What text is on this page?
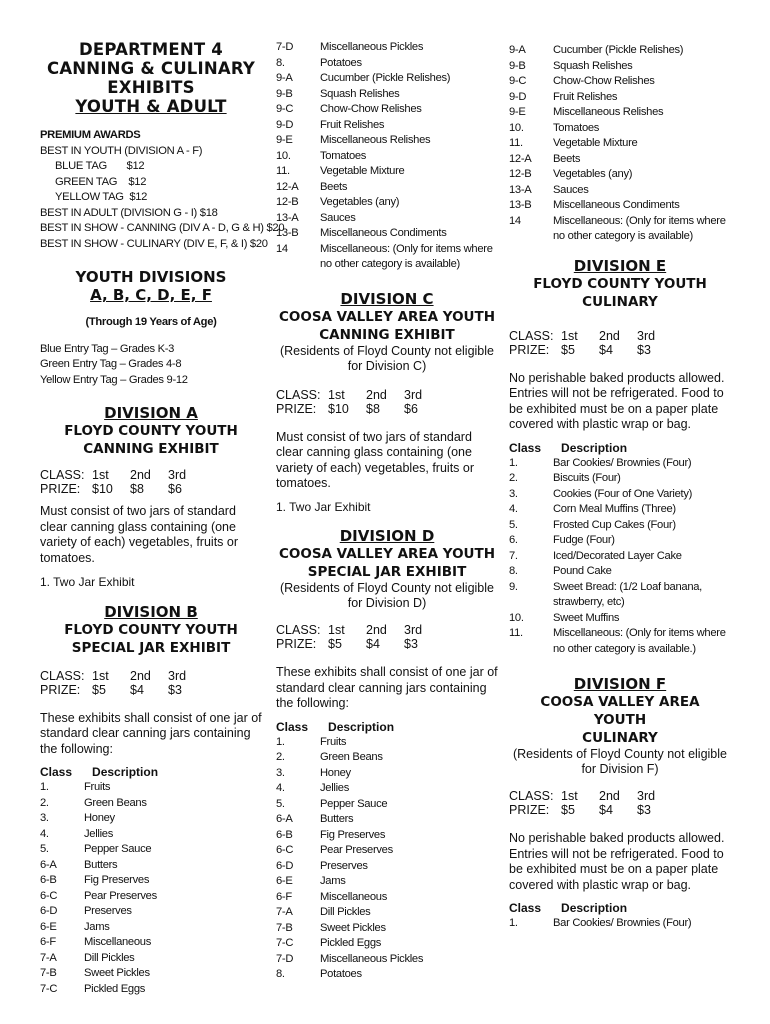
DEPARTMENT 4
CANNING & CULINARY
EXHIBITS
YOUTH & ADULT

PREMIUM AWARDS

BEST IN YOUTH (DIVISION A - F)

BLUE TAG       $12

GREEN TAG    $12

YELLOW TAG  $12

BEST IN ADULT (DIVISION G - I) $18

BEST IN SHOW - CANNING (DIV A - D, G & H) $20

BEST IN SHOW - CULINARY (DIV E, F, & I) $20

YOUTH DIVISIONS

A, B, C, D, E, F

(Through 19 Years of Age)

Blue Entry Tag – Grades K-3

Green Entry Tag – Grades 4-8

Yellow Entry Tag – Grades 9-12

DIVISION A

FLOYD COUNTY YOUTH

CANNING EXHIBIT

CLASS:	1st	2nd	3rd
PRIZE:	$10	$8	$6

Must consist of two jars of standard clear canning glass containing (one variety of each) vegetables, fruits or tomatoes.

1. Two Jar Exhibit

DIVISION B

FLOYD COUNTY YOUTH

SPECIAL JAR EXHIBIT

CLASS:	1st	2nd	3rd
PRIZE:	$5	$4	$3

These exhibits shall consist of one jar of standard clear canning jars containing the following:

Class Description

1.	Fruits
2.	Green Beans
3.	Honey
4.	Jellies
5.	Pepper Sauce
6-A	Butters
6-B	Fig Preserves
6-C	Pear Preserves
6-D	Preserves
6-E	Jams
6-F	Miscellaneous
7-A	Dill Pickles
7-B	Sweet Pickles
7-C	Pickled Eggs
7-D	Miscellaneous Pickles
8.	Potatoes
9-A	Cucumber (Pickle Relishes)
9-B	Squash Relishes
9-C	Chow-Chow Relishes
9-D	Fruit Relishes
9-E	Miscellaneous Relishes
10.	Tomatoes
11.	Vegetable Mixture
12-A	Beets
12-B	Vegetables (any)
13-A	Sauces
13-B	Miscellaneous Condiments
14	Miscellaneous: (Only for items where no other category is available)

DIVISION C

COOSA VALLEY AREA YOUTH

CANNING EXHIBIT

(Residents of Floyd County not eligible for Division C)

CLASS:	1st	2nd	3rd
PRIZE:	$10	$8	$6

Must consist of two jars of standard clear canning glass containing (one variety of each) vegetables, fruits or tomatoes.

1. Two Jar Exhibit

DIVISION D

COOSA VALLEY AREA YOUTH

SPECIAL JAR EXHIBIT

(Residents of Floyd County not eligible for Division D)

CLASS:	1st	2nd	3rd
PRIZE:	$5	$4	$3

These exhibits shall consist of one jar of standard clear canning jars containing the following:

Class Description

1.	Fruits
2.	Green Beans
3.	Honey
4.	Jellies
5.	Pepper Sauce
6-A	Butters
6-B	Fig Preserves
6-C	Pear Preserves
6-D	Preserves
6-E	Jams
6-F	Miscellaneous
7-A	Dill Pickles
7-B	Sweet Pickles
7-C	Pickled Eggs
7-D	Miscellaneous Pickles
8.	Potatoes
9-A	Cucumber (Pickle Relishes)
9-B	Squash Relishes
9-C	Chow-Chow Relishes
9-D	Fruit Relishes
9-E	Miscellaneous Relishes
10.	Tomatoes
11.	Vegetable Mixture
12-A	Beets
12-B	Vegetables (any)
13-A	Sauces
13-B	Miscellaneous Condiments
14	Miscellaneous: (Only for items where no other category is available)

DIVISION E

FLOYD COUNTY YOUTH

CULINARY

CLASS:	1st	2nd	3rd
PRIZE:	$5	$4	$3

No perishable baked products allowed. Entries will not be refrigerated. Food to be exhibited must be on a paper plate covered with plastic wrap or bag.

Class Description

1.	Bar Cookies/ Brownies (Four)
2.	Biscuits (Four)
3.	Cookies (Four of One Variety)
4.	Corn Meal Muffins (Three)
5.	Frosted Cup Cakes (Four)
6.	Fudge (Four)
7.	Iced/Decorated Layer Cake
8.	Pound Cake
9.	Sweet Bread: (1/2 Loaf banana, strawberry, etc)
10.	Sweet Muffins
11.	Miscellaneous: (Only for items where no other category is available.)

DIVISION F

COOSA VALLEY AREA

YOUTH

CULINARY

(Residents of Floyd County not eligible for Division F)

CLASS:	1st	2nd	3rd
PRIZE:	$5	$4	$3

No perishable baked products allowed. Entries will not be refrigerated. Food to be exhibited must be on a paper plate covered with plastic wrap or bag.

Class Description

1.	Bar Cookies/ Brownies (Four)
